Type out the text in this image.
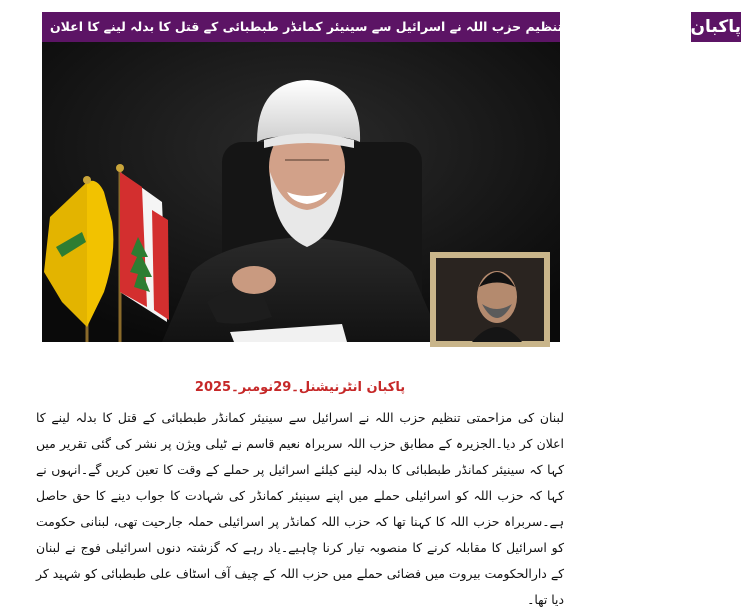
لبنان کی مزاحمتی تنظیم حزب اللہ نے اسرائیل سے سینیئر کمانڈر طبطبائی کے قتل کا بدلہ لینے کا اعلان پاکبان
پاکبان انٹرنیشنل۔29نومبر۔2025

لبنان کی مزاحمتی تنظیم حزب اللہ نے اسرائیل سے سینیئر کمانڈر طبطبائی کے قتل کا بدلہ لینے کا اعلان کر دیا۔الجزیرہ کے مطابق حزب اللہ سربراہ نعیم قاسم نے ٹیلی ویژن پر نشر کی گئی تقریر میں کہا کہ سینیئر کمانڈر طبطبائی کا بدلہ لینے کیلئے اسرائیل پر حملے کے وقت کا تعین کریں گے۔انہوں نے کہا کہ حزب اللہ کو اسرائیلی حملے میں اپنے سینیئر کمانڈر کی شہادت کا جواب دینے کا حق حاصل ہے۔سربراہ حزب اللہ کا کہنا تھا کہ حزب اللہ کمانڈر پر اسرائیلی حملہ جارحیت تھی، لبنانی حکومت کو اسرائیل کا مقابلہ کرنے کا منصوبہ تیار کرنا چاہیے۔یاد رہے کہ گزشتہ دنوں اسرائیلی فوج نے لبنان کے دارالحکومت بیروت میں فضائی حملے میں حزب اللہ کے چیف آف اسٹاف علی طبطبائی کو شہید کر دیا تھا۔
